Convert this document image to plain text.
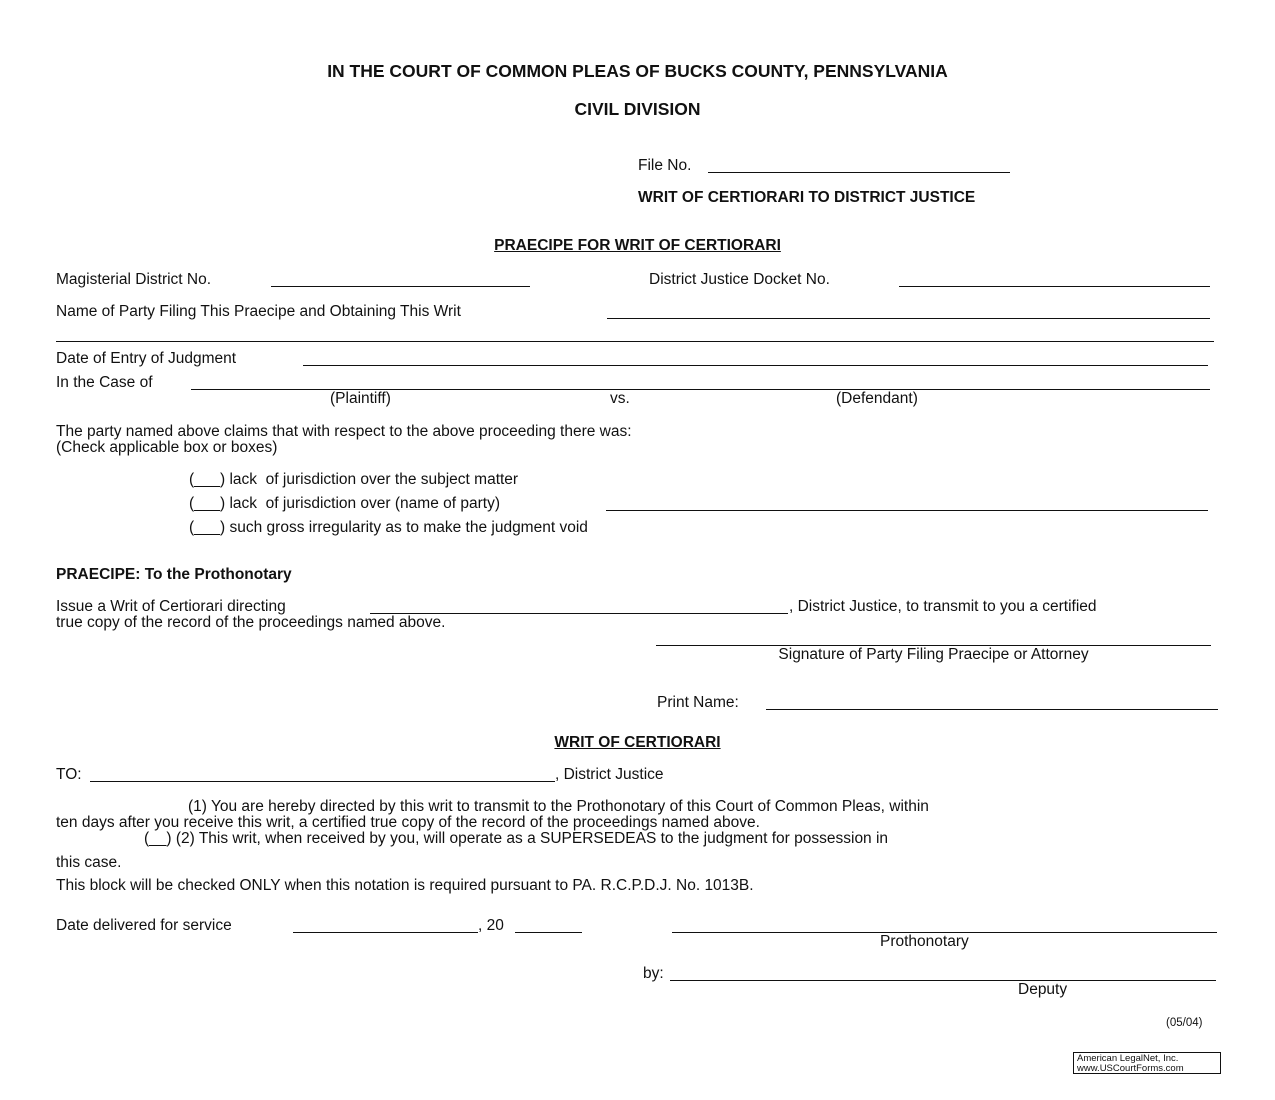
IN THE COURT OF COMMON PLEAS OF BUCKS COUNTY, PENNSYLVANIA
CIVIL DIVISION
File No.
WRIT OF CERTIORARI TO DISTRICT JUSTICE
PRAECIPE FOR WRIT OF CERTIORARI
Magisterial District No.	District Justice Docket No.
Name of Party Filing This Praecipe and Obtaining This Writ
Date of Entry of Judgment
In the Case of
(Plaintiff)	vs.	(Defendant)
The party named above claims that with respect to the above proceeding there was:
(Check applicable box or boxes)
(___) lack  of jurisdiction over the subject matter
(___) lack  of jurisdiction over (name of party)
(___) such gross irregularity as to make the judgment void
PRAECIPE: To the Prothonotary
Issue a Writ of Certiorari directing	, District Justice, to transmit to you a certified
true copy of the record of the proceedings named above.
Signature of Party Filing Praecipe or Attorney
Print Name:
WRIT OF CERTIORARI
TO:	, District Justice
(1) You are hereby directed by this writ to transmit to the Prothonotary of this Court of Common Pleas, within
ten days after you receive this writ, a certified true copy of the record of the proceedings named above.
(__) (2) This writ, when received by you, will operate as a SUPERSEDEAS to the judgment for possession in
this case.
This block will be checked ONLY when this notation is required pursuant to PA. R.C.P.D.J. No. 1013B.
Date delivered for service	, 20
Prothonotary
by:
Deputy
(05/04)
American LegalNet, Inc.
www.USCourtForms.com
